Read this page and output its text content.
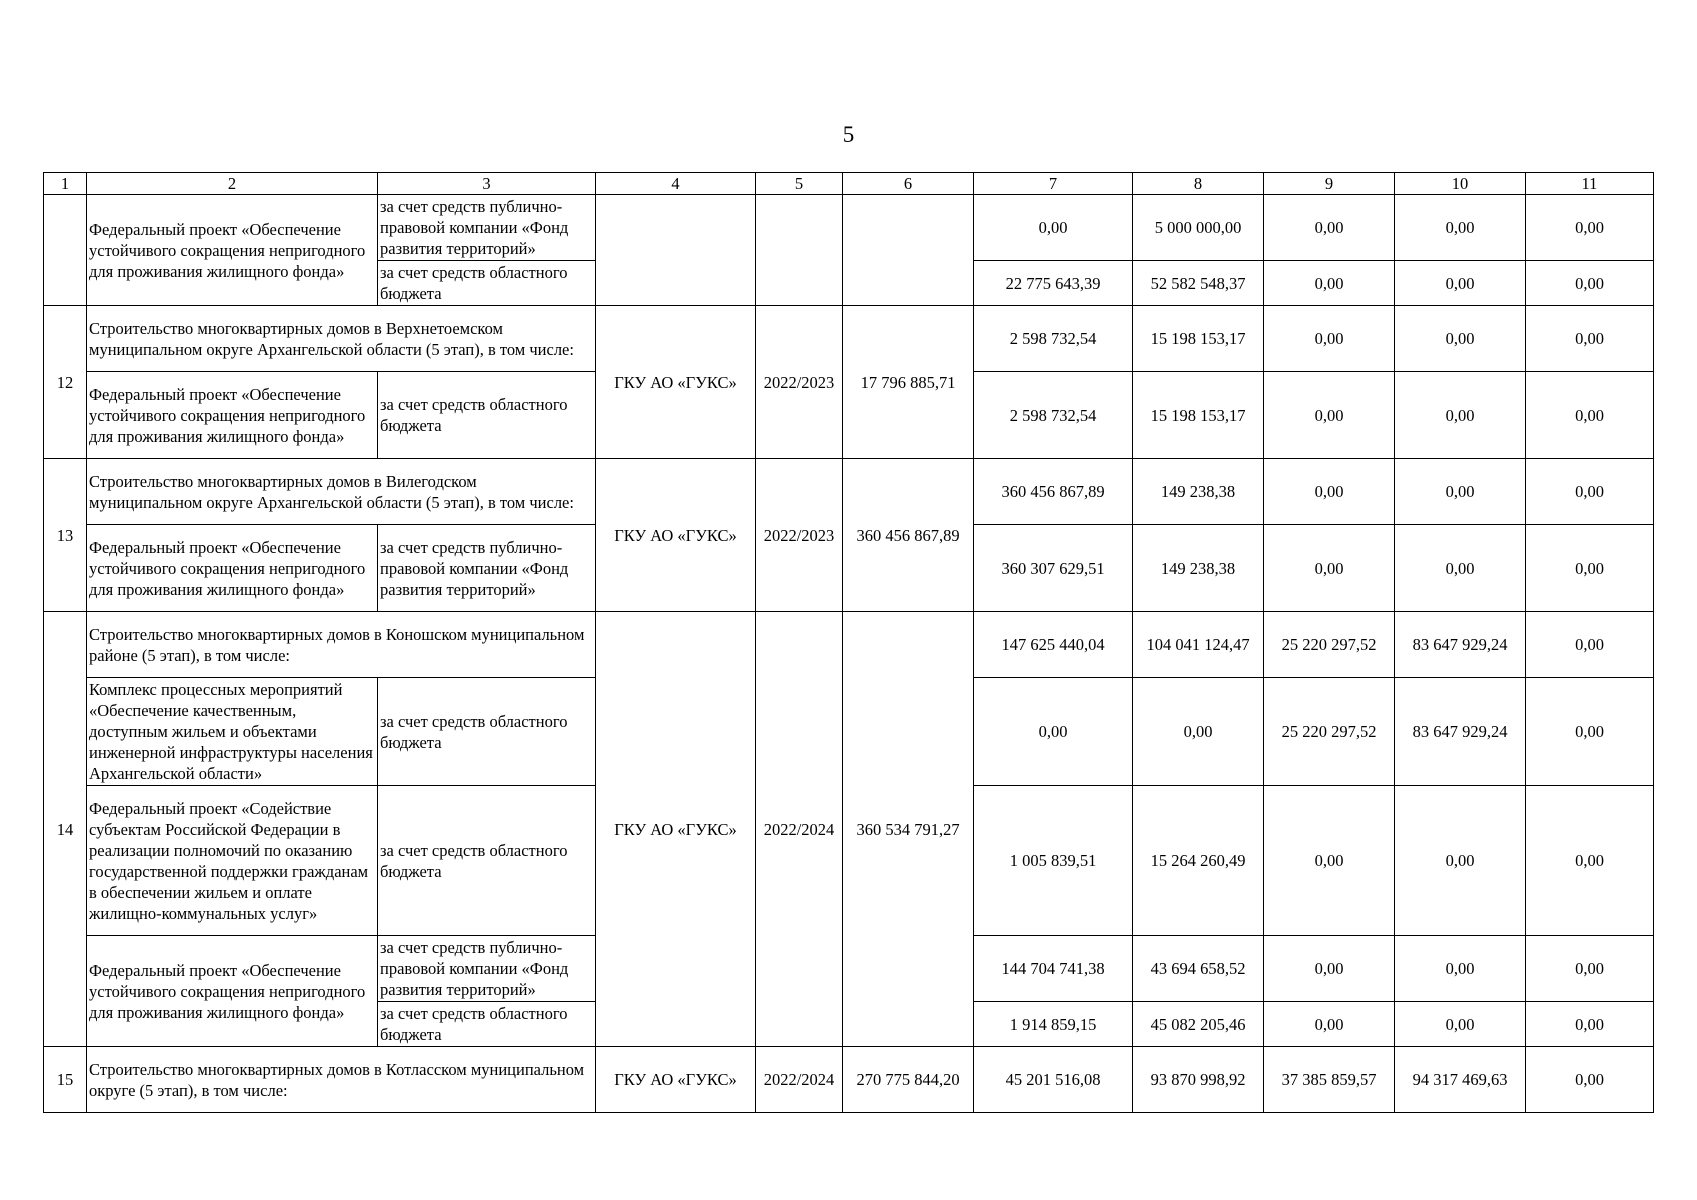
5
1	2	3	4	5	6	7	8	9	10	11
	Федеральный проект «Обеспечение устойчивого сокращения непригодного для проживания жилищного фонда»	за счет средств публично-правовой компании «Фонд развития территорий»				0,00	5 000 000,00	0,00	0,00	0,00
		за счет средств областного бюджета				22 775 643,39	52 582 548,37	0,00	0,00	0,00
12	Строительство многоквартирных домов в Верхнетоемском муниципальном округе Архангельской области (5 этап), в том числе:		ГКУ АО «ГУКС»	2022/2023	17 796 885,71	2 598 732,54	15 198 153,17	0,00	0,00	0,00
	Федеральный проект «Обеспечение устойчивого сокращения непригодного для проживания жилищного фонда»	за счет средств областного бюджета				2 598 732,54	15 198 153,17	0,00	0,00	0,00
13	Строительство многоквартирных домов в Вилегодском муниципальном округе Архангельской области (5 этап), в том числе:		ГКУ АО «ГУКС»	2022/2023	360 456 867,89	360 456 867,89	149 238,38	0,00	0,00	0,00
	Федеральный проект «Обеспечение устойчивого сокращения непригодного для проживания жилищного фонда»	за счет средств публично-правовой компании «Фонд развития территорий»				360 307 629,51	149 238,38	0,00	0,00	0,00
14	Строительство многоквартирных домов в Коношском муниципальном районе (5 этап), в том числе:		ГКУ АО «ГУКС»	2022/2024	360 534 791,27	147 625 440,04	104 041 124,47	25 220 297,52	83 647 929,24	0,00
	Комплекс процессных мероприятий «Обеспечение качественным, доступным жильем и объектами инженерной инфраструктуры населения Архангельской области»	за счет средств областного бюджета				0,00	0,00	25 220 297,52	83 647 929,24	0,00
	Федеральный проект «Содействие субъектам Российской Федерации в реализации полномочий по оказанию государственной поддержки гражданам в обеспечении жильем и оплате жилищно-коммунальных услуг»	за счет средств областного бюджета				1 005 839,51	15 264 260,49	0,00	0,00	0,00
	Федеральный проект «Обеспечение устойчивого сокращения непригодного для проживания жилищного фонда»	за счет средств публично-правовой компании «Фонд развития территорий»				144 704 741,38	43 694 658,52	0,00	0,00	0,00
		за счет средств областного бюджета				1 914 859,15	45 082 205,46	0,00	0,00	0,00
15	Строительство многоквартирных домов в Котласском муниципальном округе (5 этап), в том числе:		ГКУ АО «ГУКС»	2022/2024	270 775 844,20	45 201 516,08	93 870 998,92	37 385 859,57	94 317 469,63	0,00
